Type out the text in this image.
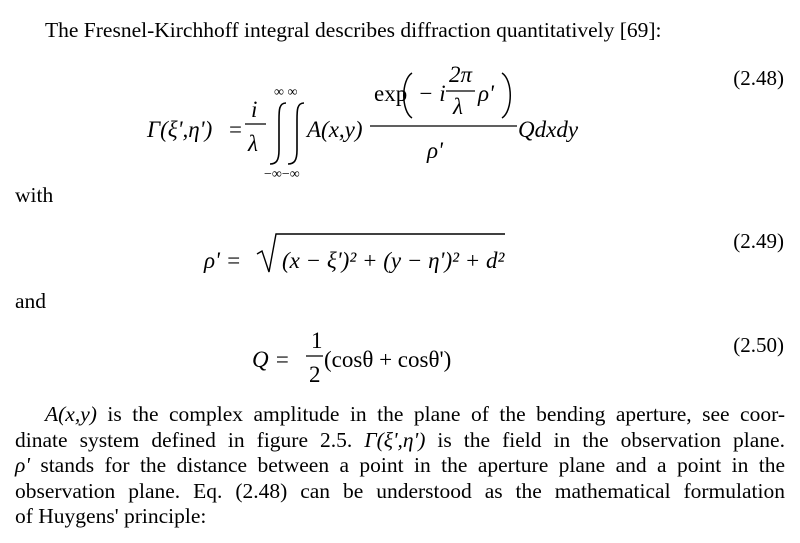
The Fresnel-Kirchhoff integral describes diffraction quantitatively [69]:

Γ(ξ',η') =
i
λ
∞ ∞
−∞−∞
A(x,y)
exp − i
2π
λ
ρ'
ρ'
Qdxdy
(2.48)

with

ρ' = (x − ξ')² + (y − η')² + d²
(2.49)

and

Q =
1
2
(cosθ + cosθ')
(2.50)
A(x,y) is the complex amplitude in the plane of the bending aperture, see coor-
dinate system defined in figure 2.5. Γ(ξ',η') is the field in the observation plane.
ρ' stands for the distance between a point in the aperture plane and a point in the
observation plane. Eq. (2.48) can be understood as the mathematical formulation
of Huygens' principle:
